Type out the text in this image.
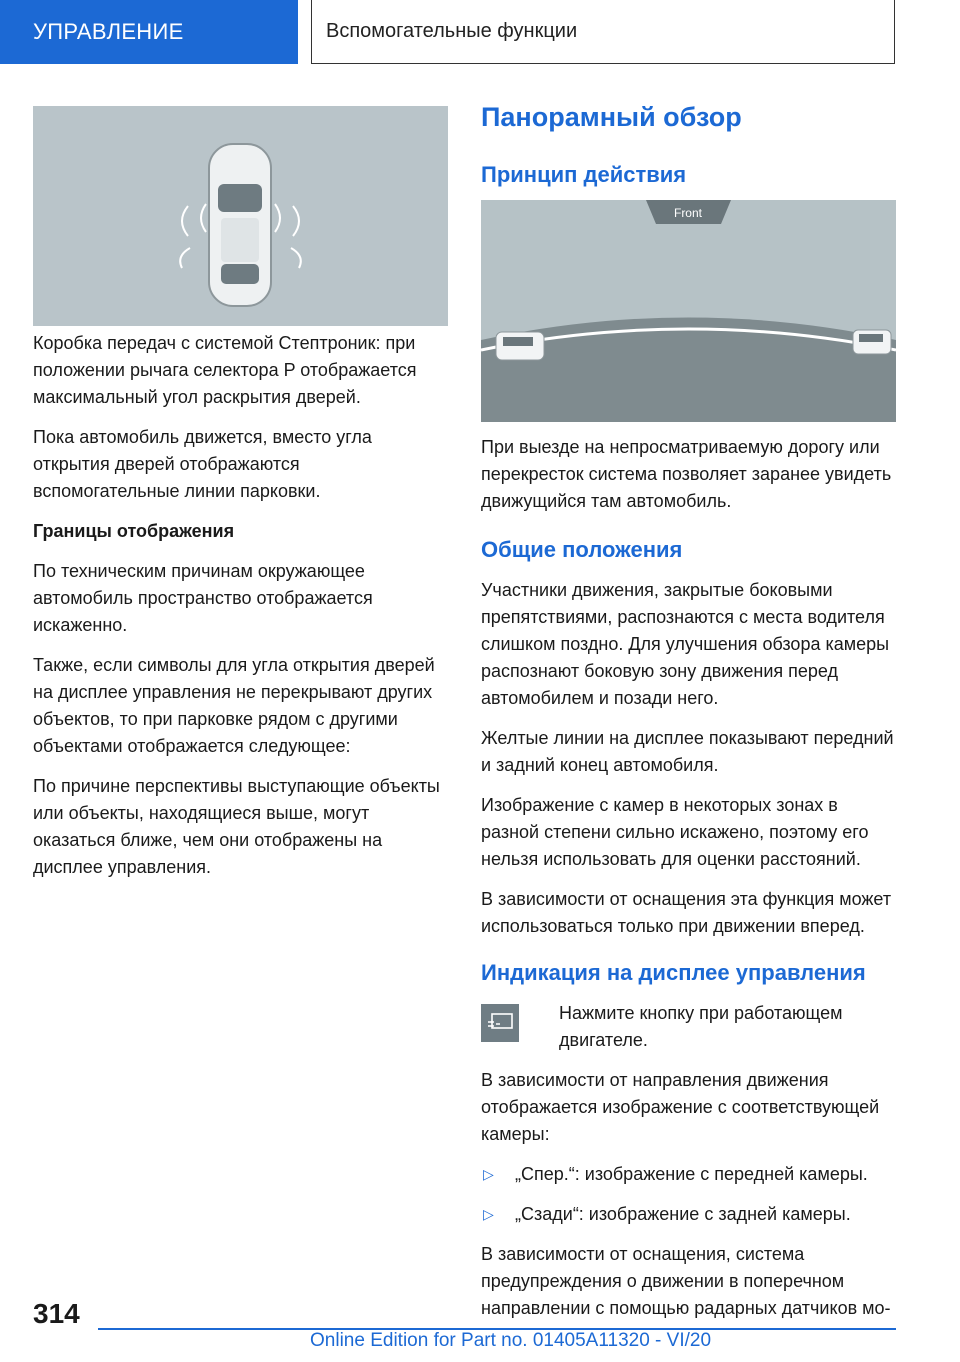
УПРАВЛЕНИЕ	Вспомогательные функции

Коробка передач с системой Стептроник: при положении рычага селектора P отображается максимальный угол раскрытия дверей.

Пока автомобиль движется, вместо угла открытия дверей отображаются вспомогательные линии парковки.

Границы отображения

По техническим причинам окружающее автомобиль пространство отображается искаженно.

Также, если символы для угла открытия дверей на дисплее управления не перекрывают других объектов, то при парковке рядом с другими объектами отображается следующее:

По причине перспективы выступающие объекты или объекты, находящиеся выше, могут оказаться ближе, чем они отображены на дисплее управления.

Панорамный обзор
Принцип действия

При выезде на непросматриваемую дорогу или перекресток система позволяет заранее увидеть движущийся там автомобиль.

Общие положения

Участники движения, закрытые боковыми препятствиями, распознаются с места водителя слишком поздно. Для улучшения обзора камеры распознают боковую зону движения перед автомобилем и позади него.

Желтые линии на дисплее показывают передний и задний конец автомобиля.

Изображение с камер в некоторых зонах в разной степени сильно искажено, поэтому его нельзя использовать для оценки расстояний.

В зависимости от оснащения эта функция может использоваться только при движении вперед.

Индикация на дисплее управления
Нажмите кнопку при работающем двигателе.

В зависимости от направления движения отображается изображение с соответствующей камеры:

▷	„Спер.“: изображение с передней камеры.
▷	„Сзади“: изображение с задней камеры.

В зависимости от оснащения, система предупреждения о движении в поперечном направлении с помощью радарных датчиков мо-

Front
314
Online Edition for Part no. 01405A11320 - VI/20
